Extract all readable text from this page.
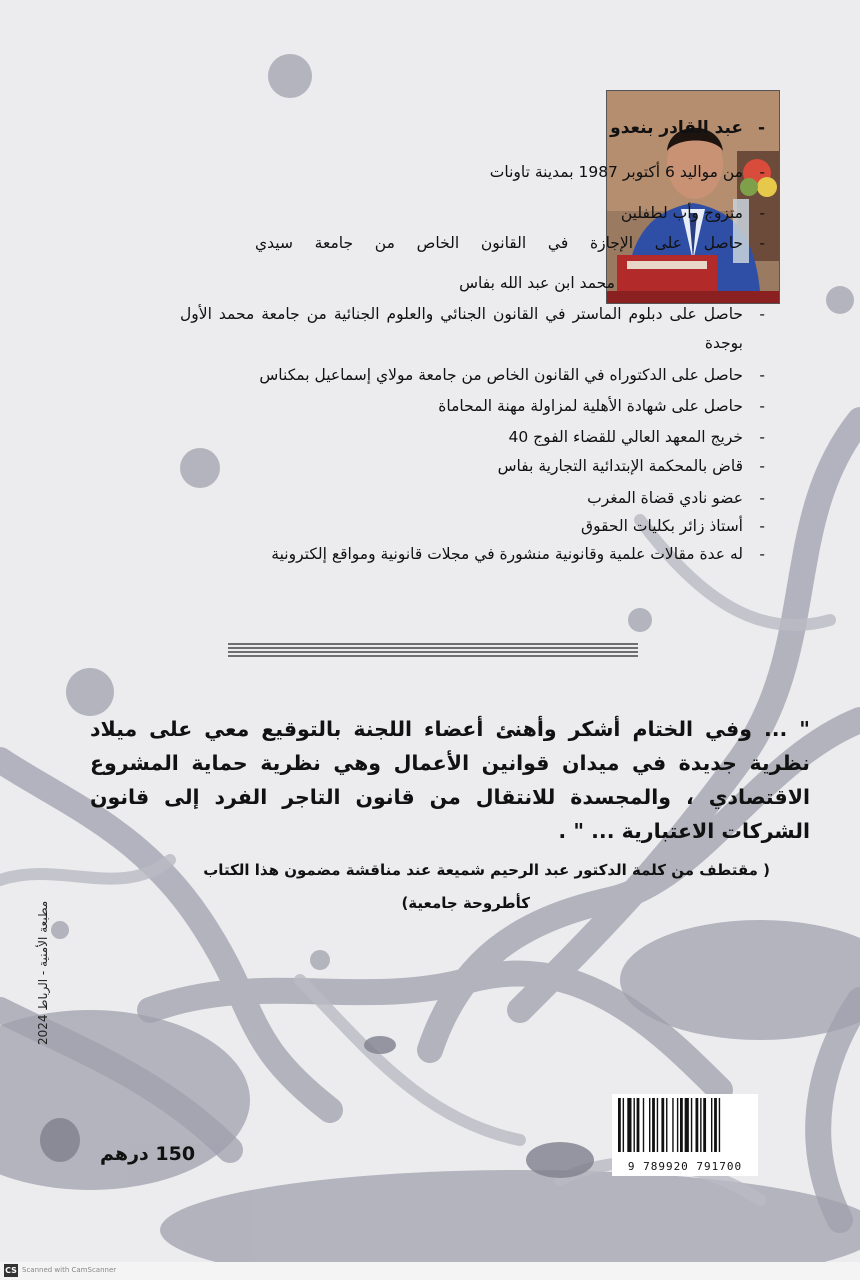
-عبد القادر بنعدو
-من مواليد 6 أكتوبر 1987 بمدينة تاونات
-متزوج وأب لطفلين
-حاصل على الإجازة في القانون الخاص من جامعة سيدي
محمد ابن عبد الله بفاس
-حاصل على دبلوم الماستر في القانون الجنائي والعلوم الجنائية من جامعة محمد الأول
بوجدة
-حاصل على الدكتوراه في القانون الخاص من جامعة مولاي إسماعيل بمكناس
-حاصل على شهادة الأهلية لمزاولة مهنة المحاماة
-خريج المعهد العالي للقضاء الفوج 40
-قاض بالمحكمة الإبتدائية التجارية بفاس
-عضو نادي قضاة المغرب
-أستاذ زائر بكليات الحقوق
-له عدة مقالات علمية وقانونية منشورة في مجلات قانونية ومواقع إلكترونية
" ... وفي الختام أشكر وأهنئ أعضاء اللجنة بالتوقيع معي على ميلاد نظرية جديدة في ميدان قوانين الأعمال وهي نظرية حماية المشروع الاقتصادي ، والمجسدة للانتقال من قانون التاجر الفرد إلى قانون الشركات الاعتبارية ... " .
( مقتطف من كلمة الدكتور عبد الرحيم شميعة عند مناقشة مضمون هذا الكتاب
كأطروحة جامعية)
مطبعة الأمنية - الرباط 2024
9 789920 791700
150 درهم
CS Scanned with CamScanner
